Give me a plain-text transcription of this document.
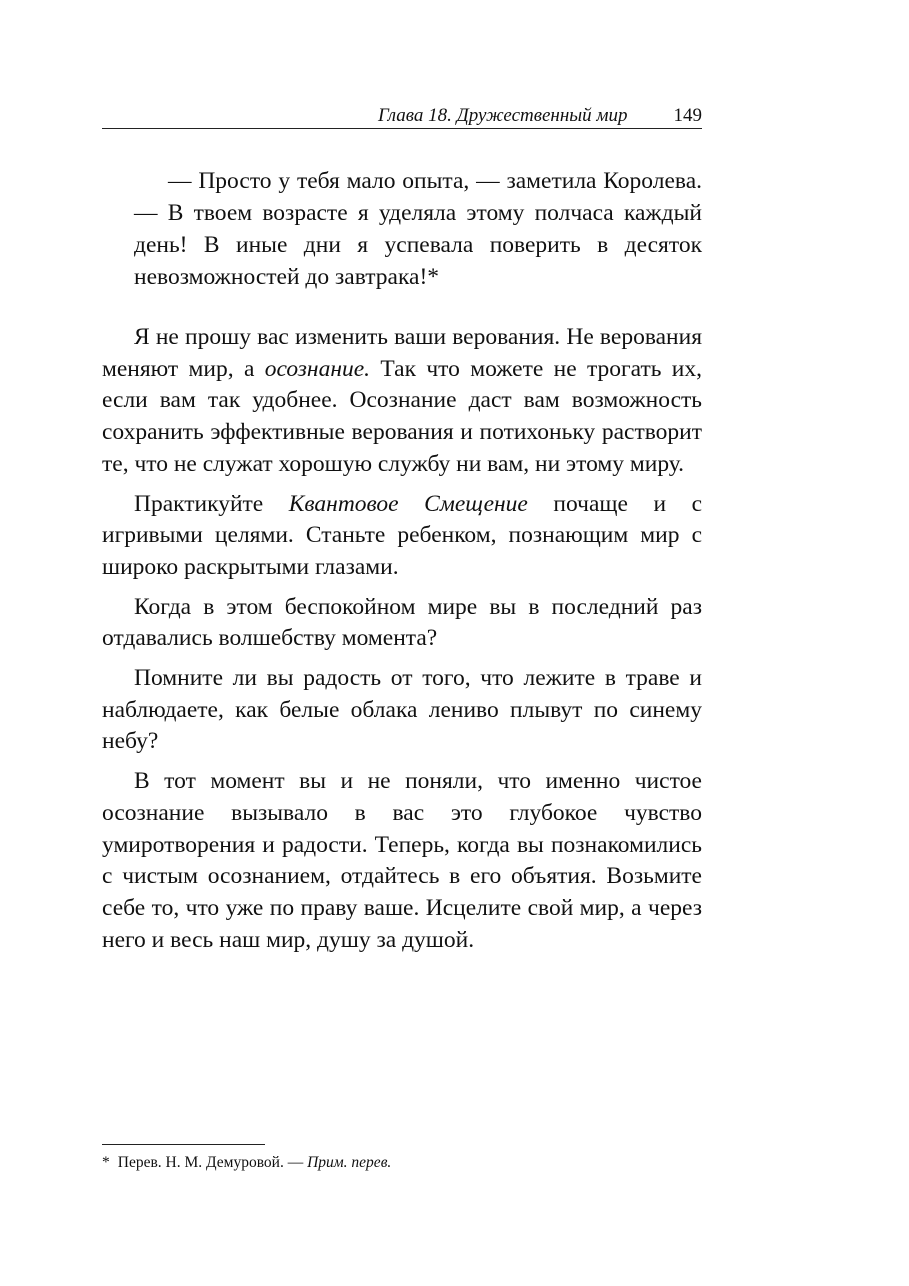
Глава 18. Дружественный мир	149

— Просто у тебя мало опыта, — заметила Королева. — В твоем возрасте я уделяла этому полчаса каждый день! В иные дни я успевала поверить в десяток невозможностей до завтрака!*

Я не прошу вас изменить ваши верования. Не верования меняют мир, а осознание. Так что можете не трогать их, если вам так удобнее. Осознание даст вам возможность сохранить эффективные верования и потихоньку растворит те, что не служат хорошую службу ни вам, ни этому миру.

Практикуйте Квантовое Смещение почаще и с игривыми целями. Станьте ребенком, познающим мир с широко раскрытыми глазами.

Когда в этом беспокойном мире вы в последний раз отдавались волшебству момента?

Помните ли вы радость от того, что лежите в траве и наблюдаете, как белые облака лениво плывут по синему небу?

В тот момент вы и не поняли, что именно чистое осознание вызывало в вас это глубокое чувство умиротворения и радости. Теперь, когда вы познакомились с чистым осознанием, отдайтесь в его объятия. Возьмите себе то, что уже по праву ваше. Исцелите свой мир, а через него и весь наш мир, душу за душой.

* Перев. Н. М. Демуровой. — Прим. перев.
